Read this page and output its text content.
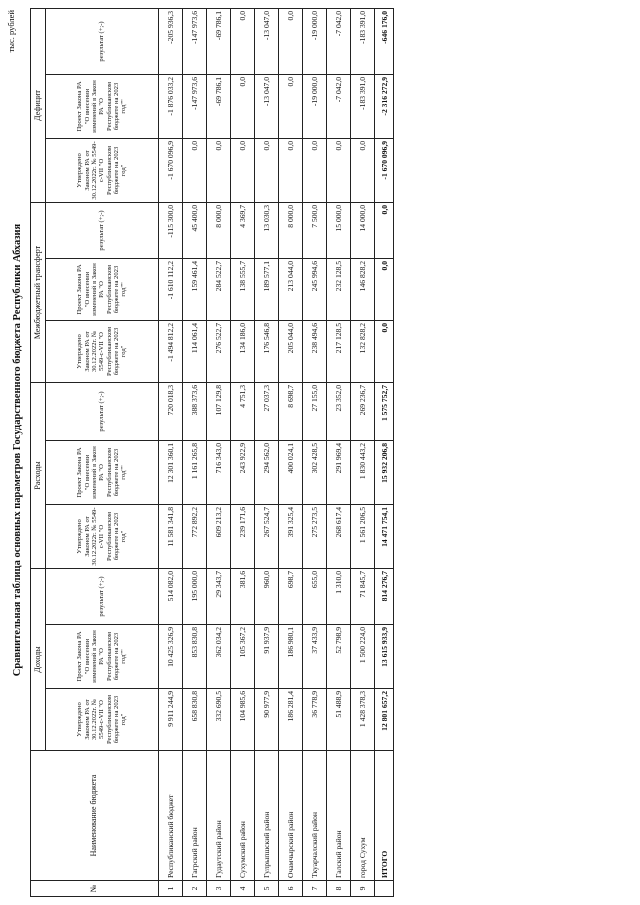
тыс. рублей
Сравнительная таблица основных параметров Государственного бюджета Республики Абхазия
№	Наименование бюджета	Доходы			Расходы			Межбюджетный трансферт			Дефицит		
		Утверждено Законом РА от 30.12.2022г. № 5549-с-VII "О Республиканском бюджете на 2023 год"	Проект Закона РА "О внесении изменений в Закон РА "О Республиканском бюджете на 2023 год""	результат (+;-)	Утверждено Законом РА от 30.12.2022г. № 5549-с-VII "О Республиканском бюджете на 2023 год"	Проект Закона РА "О внесении изменений в Закон РА "О Республиканском бюджете на 2023 год""	результат (+;-)	Утверждено Законом РА от 30.12.2022г. № 5549-с-VII "О Республиканском бюджете на 2023 год"	Проект Закона РА "О внесении изменений в Закон РА "О Республиканском бюджете на 2023 год""	результат (+;-)	Утверждено Законом РА от 30.12.2022г. № 5549-с-VII "О Республиканском бюджете на 2023 год"	Проект Закона РА "О внесении изменений в Закон РА "О Республиканском бюджете на 2023 год""	результат (+;-)
1	Республиканский бюджет	9 911 244,9	10 425 326,9	514 082,0	11 581 341,8	12 301 360,1	720 018,3	-1 494 812,2	-1 610 112,2	-115 300,0	-1 670 096,9	-1 876 033,2	-205 936,3
2	Гагрский район	658 830,8	853 830,8	195 000,0	772 892,2	1 161 265,8	388 373,6	114 061,4	159 461,4	45 400,0	0,0	-147 973,6	-147 973,6
3	Гудаутский район	332 690,5	362 034,2	29 343,7	609 213,2	716 343,0	107 129,8	276 522,7	284 522,7	8 000,0	0,0	-69 786,1	-69 786,1
4	Сухумский район	104 985,6	105 367,2	381,6	239 171,6	243 922,9	4 751,3	134 186,0	138 555,7	4 369,7	0,0	0,0	0,0
5	Гулрыпшский район	90 977,9	91 937,9	960,0	267 524,7	294 562,0	27 037,3	176 546,8	189 577,1	13 030,3	0,0	-13 047,0	-13 047,0
6	Очамчырский район	186 281,4	186 980,1	698,7	391 325,4	400 024,1	8 698,7	205 044,0	213 044,0	8 000,0	0,0	0,0	0,0
7	Ткуарчалский район	36 778,9	37 433,9	655,0	275 273,5	302 428,5	27 155,0	238 494,6	245 994,6	7 500,0	0,0	-19 000,0	-19 000,0
8	Галский район	51 488,9	52 798,9	1 310,0	268 617,4	291 969,4	23 352,0	217 128,5	232 128,5	15 000,0	0,0	-7 042,0	-7 042,0
9	город Сухум	1 428 378,3	1 500 224,0	71 845,7	1 561 206,5	1 830 443,2	269 236,7	132 828,2	146 828,2	14 000,0	0,0	-183 391,0	-183 391,0
	ИТОГО	12 801 657,2	13 615 933,9	814 276,7	14 471 754,1	15 932 206,8	1 575 752,7	0,0	0,0	0,0	-1 670 096,9	-2 316 272,9	-646 176,0
